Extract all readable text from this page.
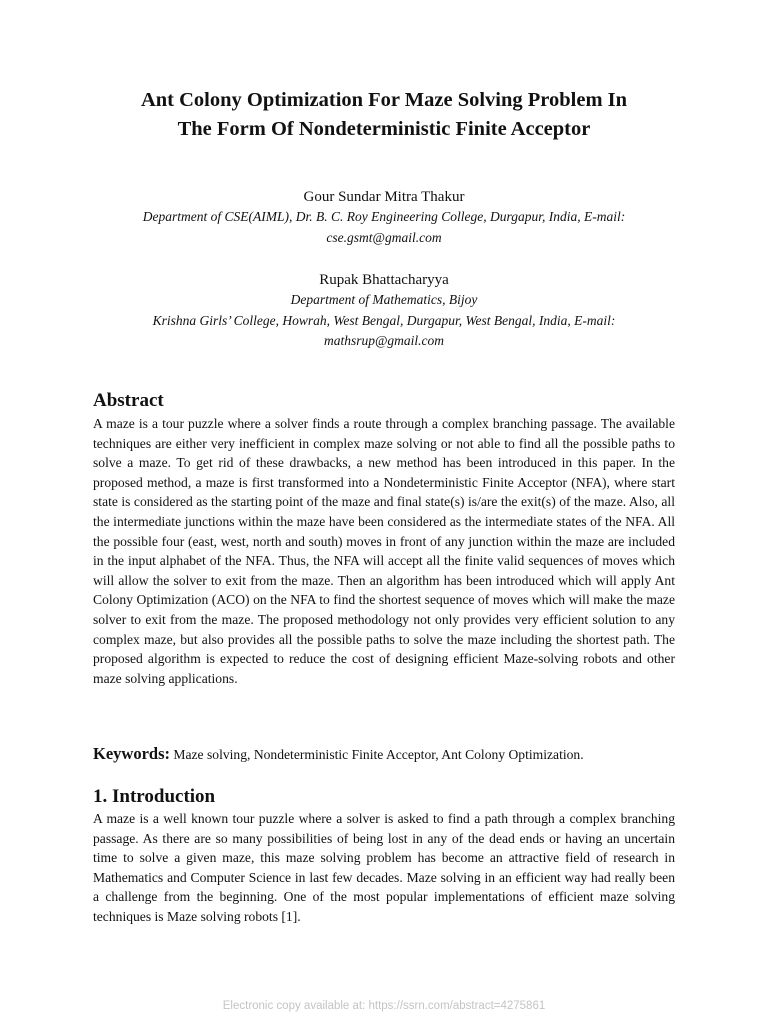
Ant Colony Optimization For Maze Solving Problem In
The Form Of Nondeterministic Finite Acceptor
Gour Sundar Mitra Thakur
Department of CSE(AIML), Dr. B. C. Roy Engineering College, Durgapur, India, E-mail:
cse.gsmt@gmail.com
Rupak Bhattacharyya
Department of Mathematics, Bijoy
Krishna Girls’ College, Howrah, West Bengal, Durgapur, West Bengal, India, E-mail:
mathsrup@gmail.com
Abstract

A maze is a tour puzzle where a solver finds a route through a complex branching passage. The available techniques are either very inefficient in complex maze solving or not able to find all the possible paths to solve a maze. To get rid of these drawbacks, a new method has been introduced in this paper. In the proposed method, a maze is first transformed into a Nondeterministic Finite Acceptor (NFA), where start state is considered as the starting point of the maze and final state(s) is/are the exit(s) of the maze. Also, all the intermediate junctions within the maze have been considered as the intermediate states of the NFA. All the possible four (east, west, north and south) moves in front of any junction within the maze are included in the input alphabet of the NFA. Thus, the NFA will accept all the finite valid sequences of moves which will allow the solver to exit from the maze. Then an algorithm has been introduced which will apply Ant Colony Optimization (ACO) on the NFA to find the shortest sequence of moves which will make the maze solver to exit from the maze. The proposed methodology not only provides very efficient solution to any complex maze, but also provides all the possible paths to solve the maze including the shortest path. The proposed algorithm is expected to reduce the cost of designing efficient Maze-solving robots and other maze solving applications.

Keywords: Maze solving, Nondeterministic Finite Acceptor, Ant Colony Optimization.

1. Introduction

A maze is a well known tour puzzle where a solver is asked to find a path through a complex branching passage. As there are so many possibilities of being lost in any of the dead ends or having an uncertain time to solve a given maze, this maze solving problem has become an attractive field of research in Mathematics and Computer Science in last few decades. Maze solving in an efficient way had really been a challenge from the beginning. One of the most popular implementations of efficient maze solving techniques is Maze solving robots [1].

Electronic copy available at: https://ssrn.com/abstract=4275861
